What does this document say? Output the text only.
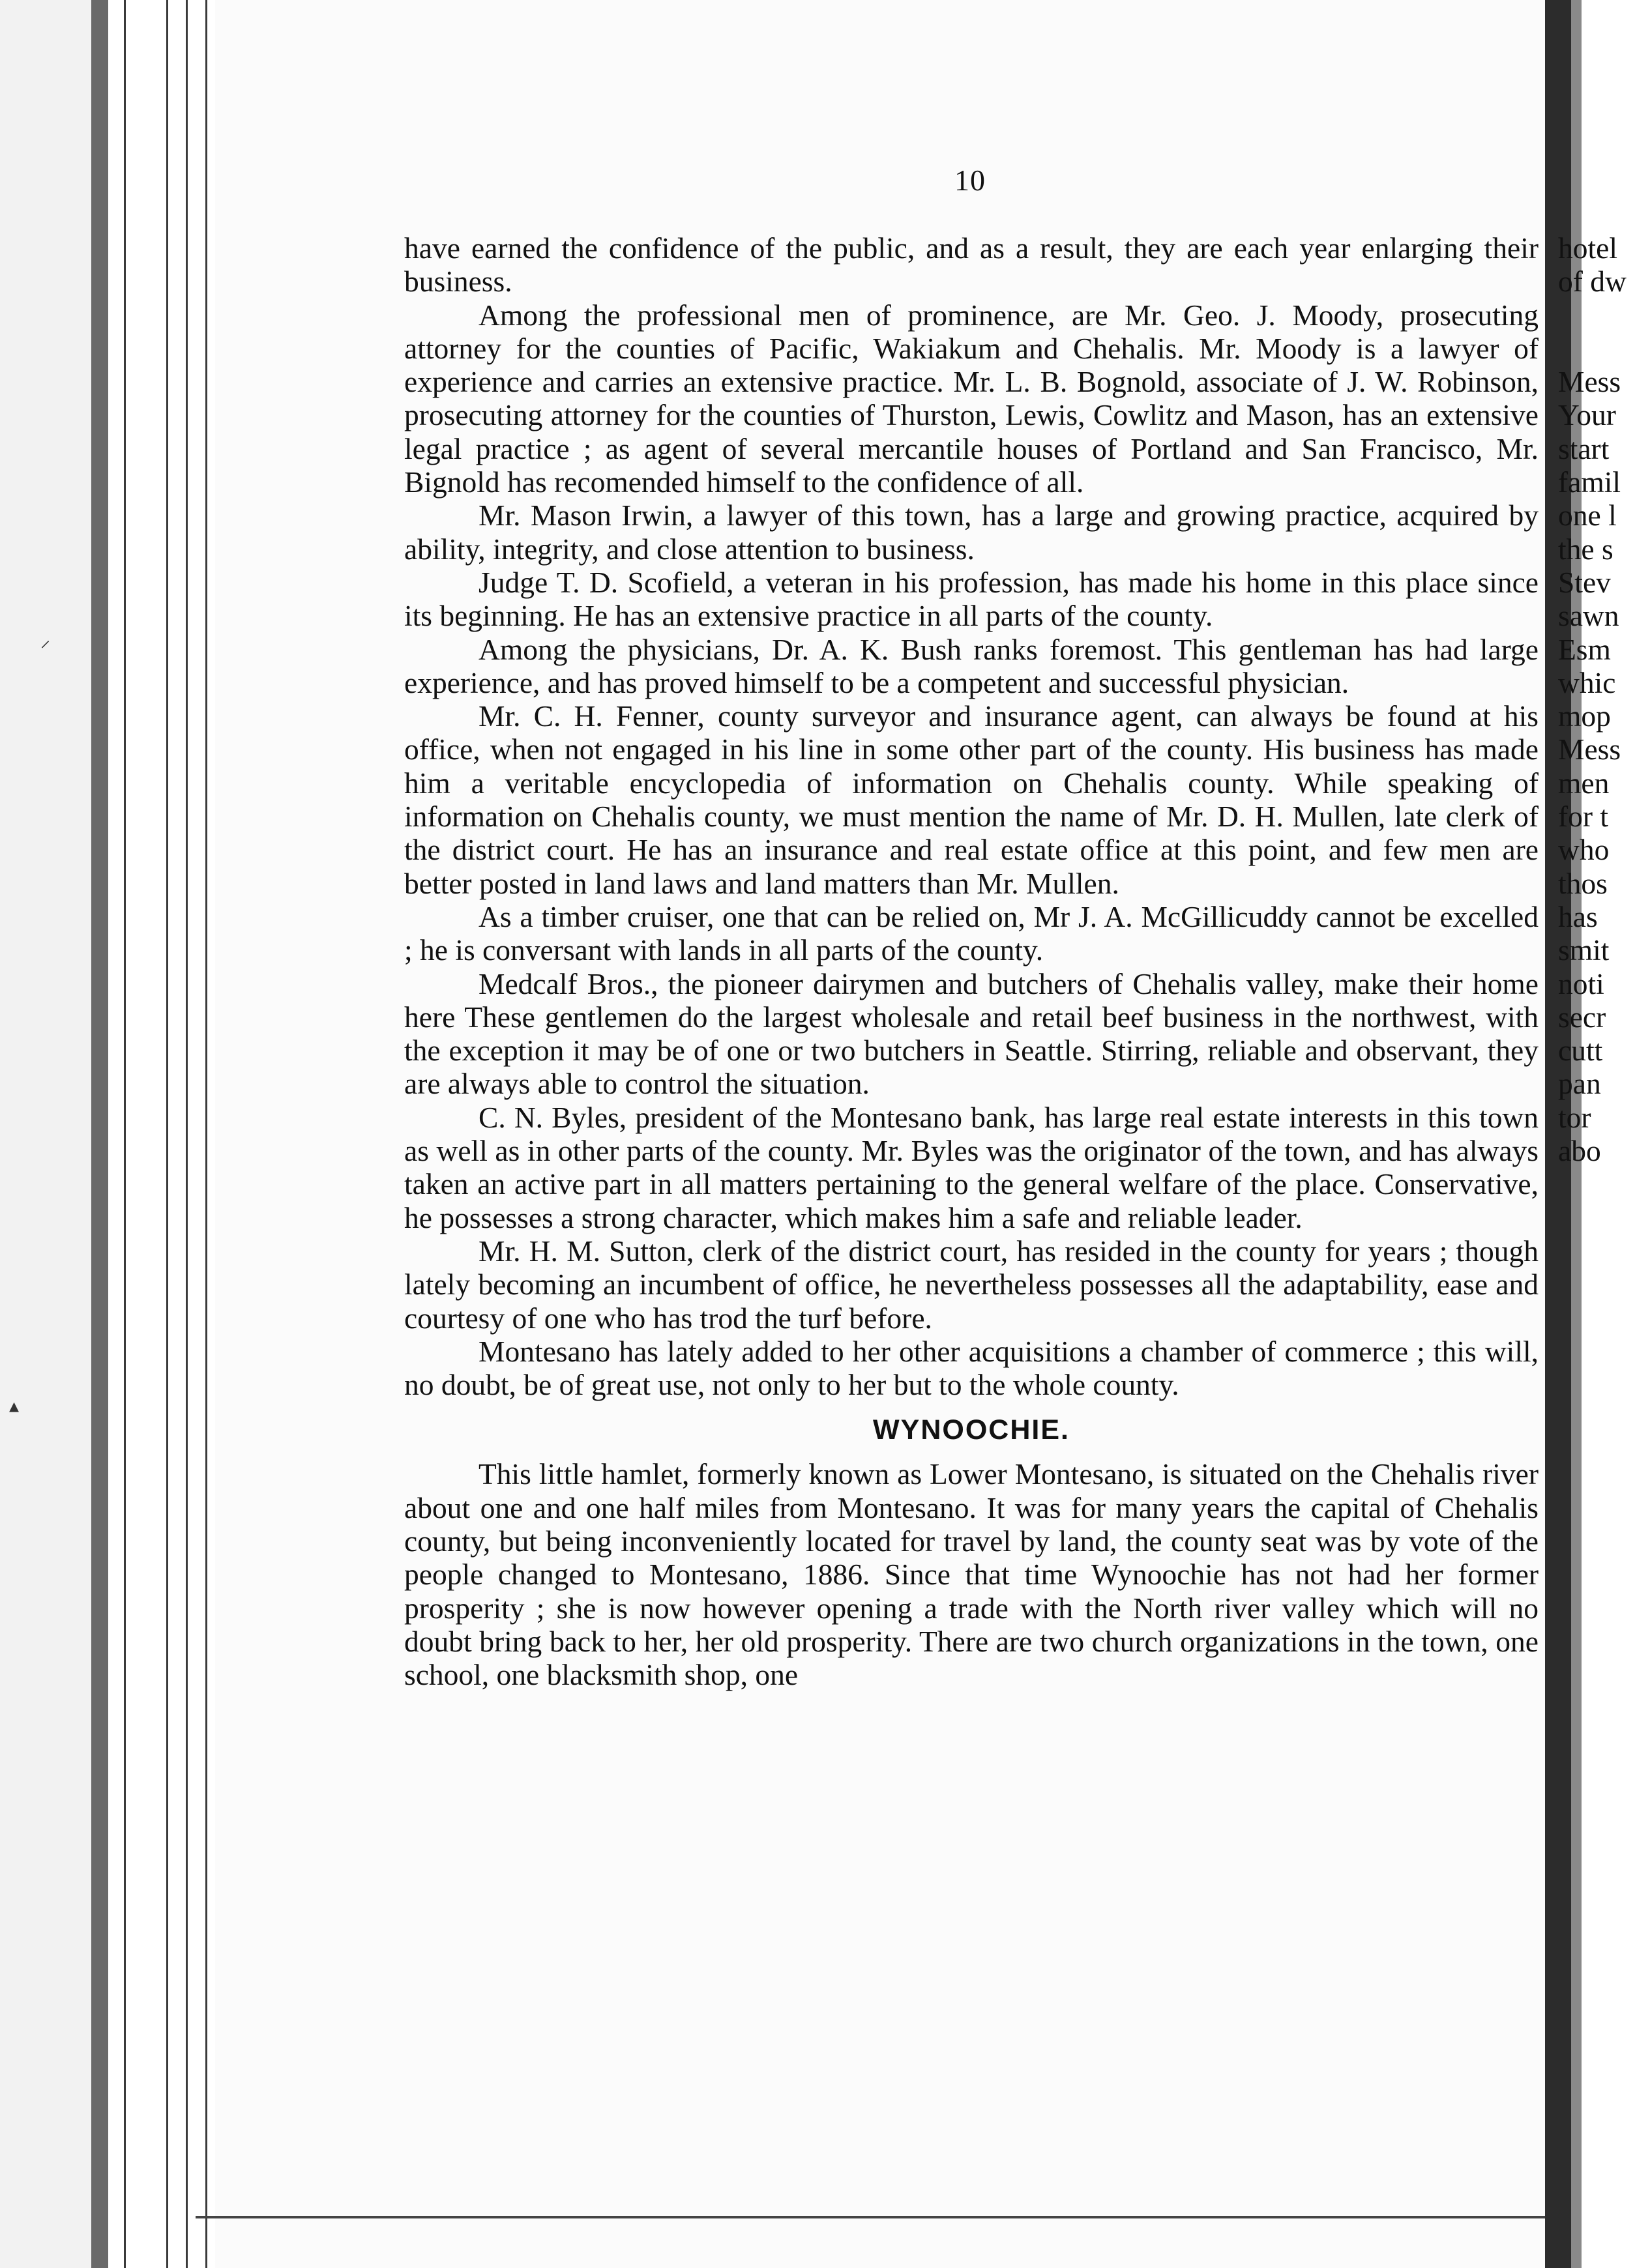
⸝
▴
10

have earned the confidence of the public, and as a result, they are each year enlarging their business.

Among the professional men of prominence, are Mr. Geo. J. Moody, prosecuting attorney for the counties of Pacific, Wakiakum and Chehalis. Mr. Moody is a lawyer of experience and carries an extensive practice. Mr. L. B. Bognold, associate of J. W. Robinson, prosecuting attorney for the counties of Thurston, Lewis, Cowlitz and Mason, has an extensive legal practice ; as agent of several mercantile houses of Portland and San Francisco, Mr. Bignold has recomended himself to the confidence of all.

Mr. Mason Irwin, a lawyer of this town, has a large and growing practice, acquired by ability, integrity, and close attention to business.

Judge T. D. Scofield, a veteran in his profession, has made his home in this place since its beginning. He has an extensive practice in all parts of the county.

Among the physicians, Dr. A. K. Bush ranks foremost. This gentleman has had large experience, and has proved himself to be a competent and successful physician.

Mr. C. H. Fenner, county surveyor and insurance agent, can always be found at his office, when not engaged in his line in some other part of the county. His business has made him a veritable encyclopedia of information on Chehalis county. While speaking of information on Chehalis county, we must mention the name of Mr. D. H. Mullen, late clerk of the district court. He has an insurance and real estate office at this point, and few men are better posted in land laws and land matters than Mr. Mullen.

As a timber cruiser, one that can be relied on, Mr J. A. McGillicuddy cannot be excelled ; he is conversant with lands in all parts of the county.

Medcalf Bros., the pioneer dairymen and butchers of Chehalis valley, make their home here These gentlemen do the largest wholesale and retail beef business in the northwest, with the exception it may be of one or two butchers in Seattle. Stirring, reliable and observant, they are always able to control the situation.

C. N. Byles, president of the Montesano bank, has large real estate interests in this town as well as in other parts of the county. Mr. Byles was the originator of the town, and has always taken an active part in all matters pertaining to the general welfare of the place. Conservative, he possesses a strong character, which makes him a safe and reliable leader.

Mr. H. M. Sutton, clerk of the district court, has resided in the county for years ; though lately becoming an incumbent of office, he nevertheless possesses all the adaptability, ease and courtesy of one who has trod the turf before.

Montesano has lately added to her other acquisitions a chamber of commerce ; this will, no doubt, be of great use, not only to her but to the whole county.

WYNOOCHIE.

This little hamlet, formerly known as Lower Montesano, is situated on the Chehalis river about one and one half miles from Montesano. It was for many years the capital of Chehalis county, but being inconveniently located for travel by land, the county seat was by vote of the people changed to Montesano, 1886. Since that time Wynoochie has not had her former prosperity ; she is now however opening a trade with the North river valley which will no doubt bring back to her, her old prosperity. There are two church organizations in the town, one school, one blacksmith shop, one

hotel
of dw
Mess
Your
start
famil
one l
the s
Stev
sawn
Esm
whic
mop
Mess
men
for t
who
thos
has
smit
noti
secr
cutt
pan
tor
abo
